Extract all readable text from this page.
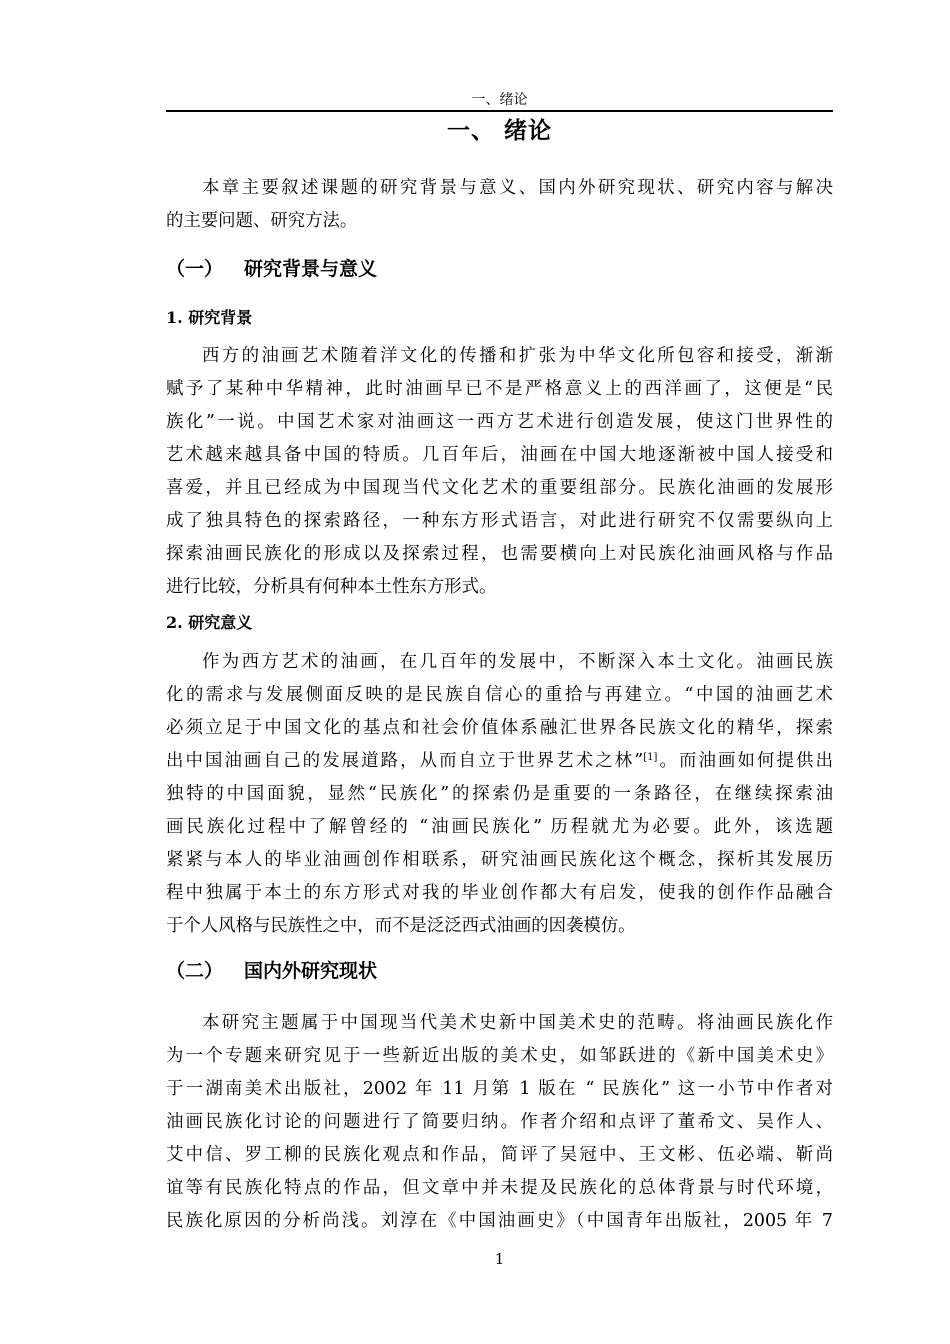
一、绪论
一、 绪论
本章主要叙述课题的研究背景与意义、国内外研究现状、研究内容与解决
的主要问题、研究方法。
（一） 研究背景与意义
1. 研究背景
西方的油画艺术随着洋文化的传播和扩张为中华文化所包容和接受，渐渐
赋予了某种中华精神，此时油画早已不是严格意义上的西洋画了，这便是“民
族化”一说。中国艺术家对油画这一西方艺术进行创造发展，使这门世界性的
艺术越来越具备中国的特质。几百年后，油画在中国大地逐渐被中国人接受和
喜爱，并且已经成为中国现当代文化艺术的重要组部分。民族化油画的发展形
成了独具特色的探索路径，一种东方形式语言，对此进行研究不仅需要纵向上
探索油画民族化的形成以及探索过程，也需要横向上对民族化油画风格与作品
进行比较，分析具有何种本土性东方形式。
2. 研究意义
作为西方艺术的油画，在几百年的发展中，不断深入本土文化。油画民族
化的需求与发展侧面反映的是民族自信心的重拾与再建立。“中国的油画艺术
必须立足于中国文化的基点和社会价值体系融汇世界各民族文化的精华，探索
出中国油画自己的发展道路，从而自立于世界艺术之林”[1]。而油画如何提供出
独特的中国面貌，显然“民族化”的探索仍是重要的一条路径，在继续探索油
画民族化过程中了解曾经的 “油画民族化” 历程就尤为必要。此外，该选题
紧紧与本人的毕业油画创作相联系，研究油画民族化这个概念，探析其发展历
程中独属于本土的东方形式对我的毕业创作都大有启发，使我的创作作品融合
于个人风格与民族性之中，而不是泛泛西式油画的因袭模仿。
（二） 国内外研究现状
本研究主题属于中国现当代美术史新中国美术史的范畴。将油画民族化作
为一个专题来研究见于一些新近出版的美术史，如邹跃进的《新中国美术史》
于一湖南美术出版社，2002 年 11 月第 1 版在 “ 民族化” 这一小节中作者对
油画民族化讨论的问题进行了简要归纳。作者介绍和点评了董希文、吴作人、
艾中信、罗工柳的民族化观点和作品，简评了吴冠中、王文彬、伍必端、靳尚
谊等有民族化特点的作品，但文章中并未提及民族化的总体背景与时代环境，
民族化原因的分析尚浅。刘淳在《中国油画史》（中国青年出版社，2005 年 7
1
